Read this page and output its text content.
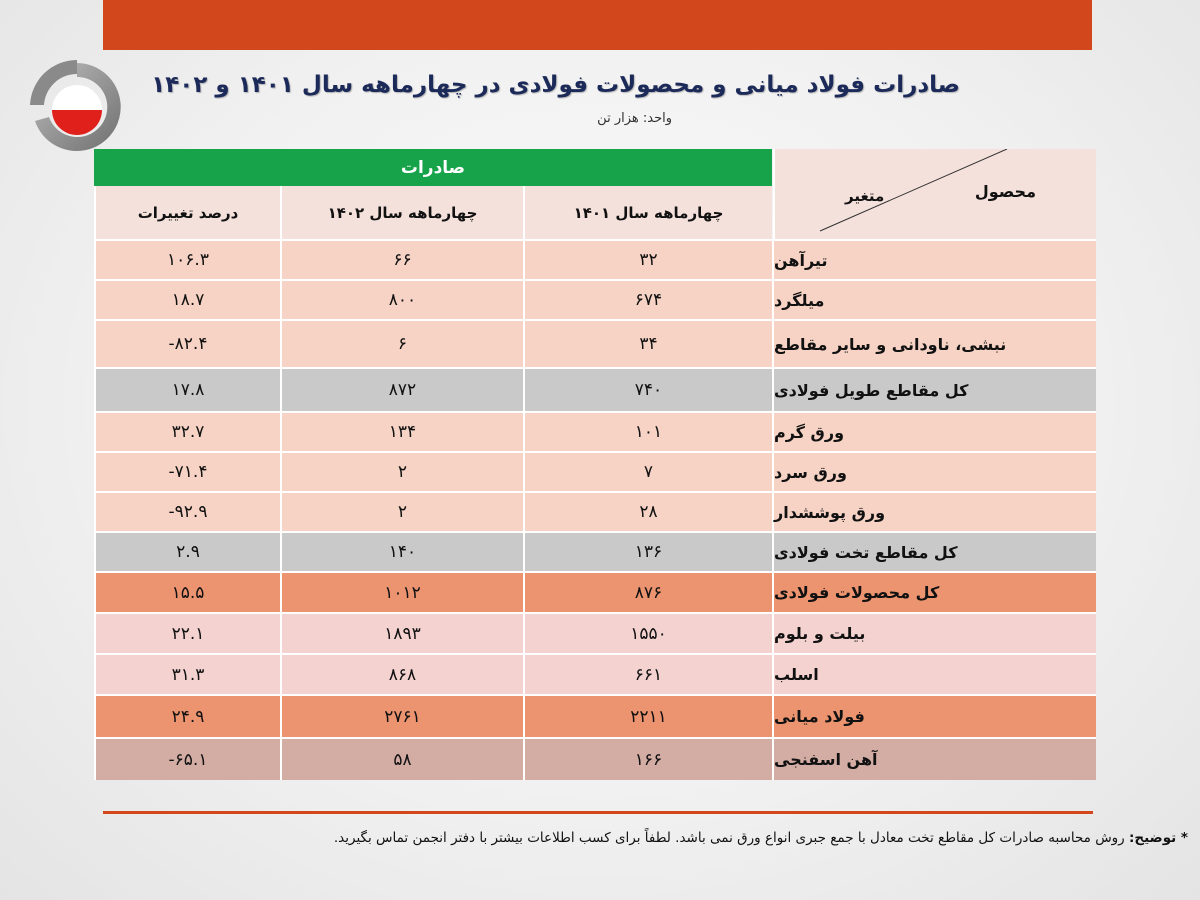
صادرات فولاد میانی و محصولات فولادی در چهارماهه سال ۱۴۰۱ و ۱۴۰۲
واحد: هزار تن
صادرات
محصول
متغیر
درصد تغییرات	چهارماهه سال ۱۴۰۲	چهارماهه سال ۱۴۰۱
۱۰۶.۳	۶۶	۳۲	تیرآهن
۱۸.۷	۸۰۰	۶۷۴	میلگرد
-۸۲.۴	۶	۳۴	نبشی، ناودانی و سایر مقاطع
۱۷.۸	۸۷۲	۷۴۰	کل مقاطع طویل فولادی
۳۲.۷	۱۳۴	۱۰۱	ورق گرم
-۷۱.۴	۲	۷	ورق سرد
-۹۲.۹	۲	۲۸	ورق پوششدار
۲.۹	۱۴۰	۱۳۶	کل مقاطع تخت فولادی
۱۵.۵	۱۰۱۲	۸۷۶	کل محصولات فولادی
۲۲.۱	۱۸۹۳	۱۵۵۰	بیلت و بلوم
۳۱.۳	۸۶۸	۶۶۱	اسلب
۲۴.۹	۲۷۶۱	۲۲۱۱	فولاد میانی
-۶۵.۱	۵۸	۱۶۶	آهن اسفنجی
* توضیح: روش محاسبه صادرات کل مقاطع تخت معادل با جمع جبری انواع ورق نمی باشد. لطفاً برای کسب اطلاعات بیشتر با دفتر انجمن تماس بگیرید.
